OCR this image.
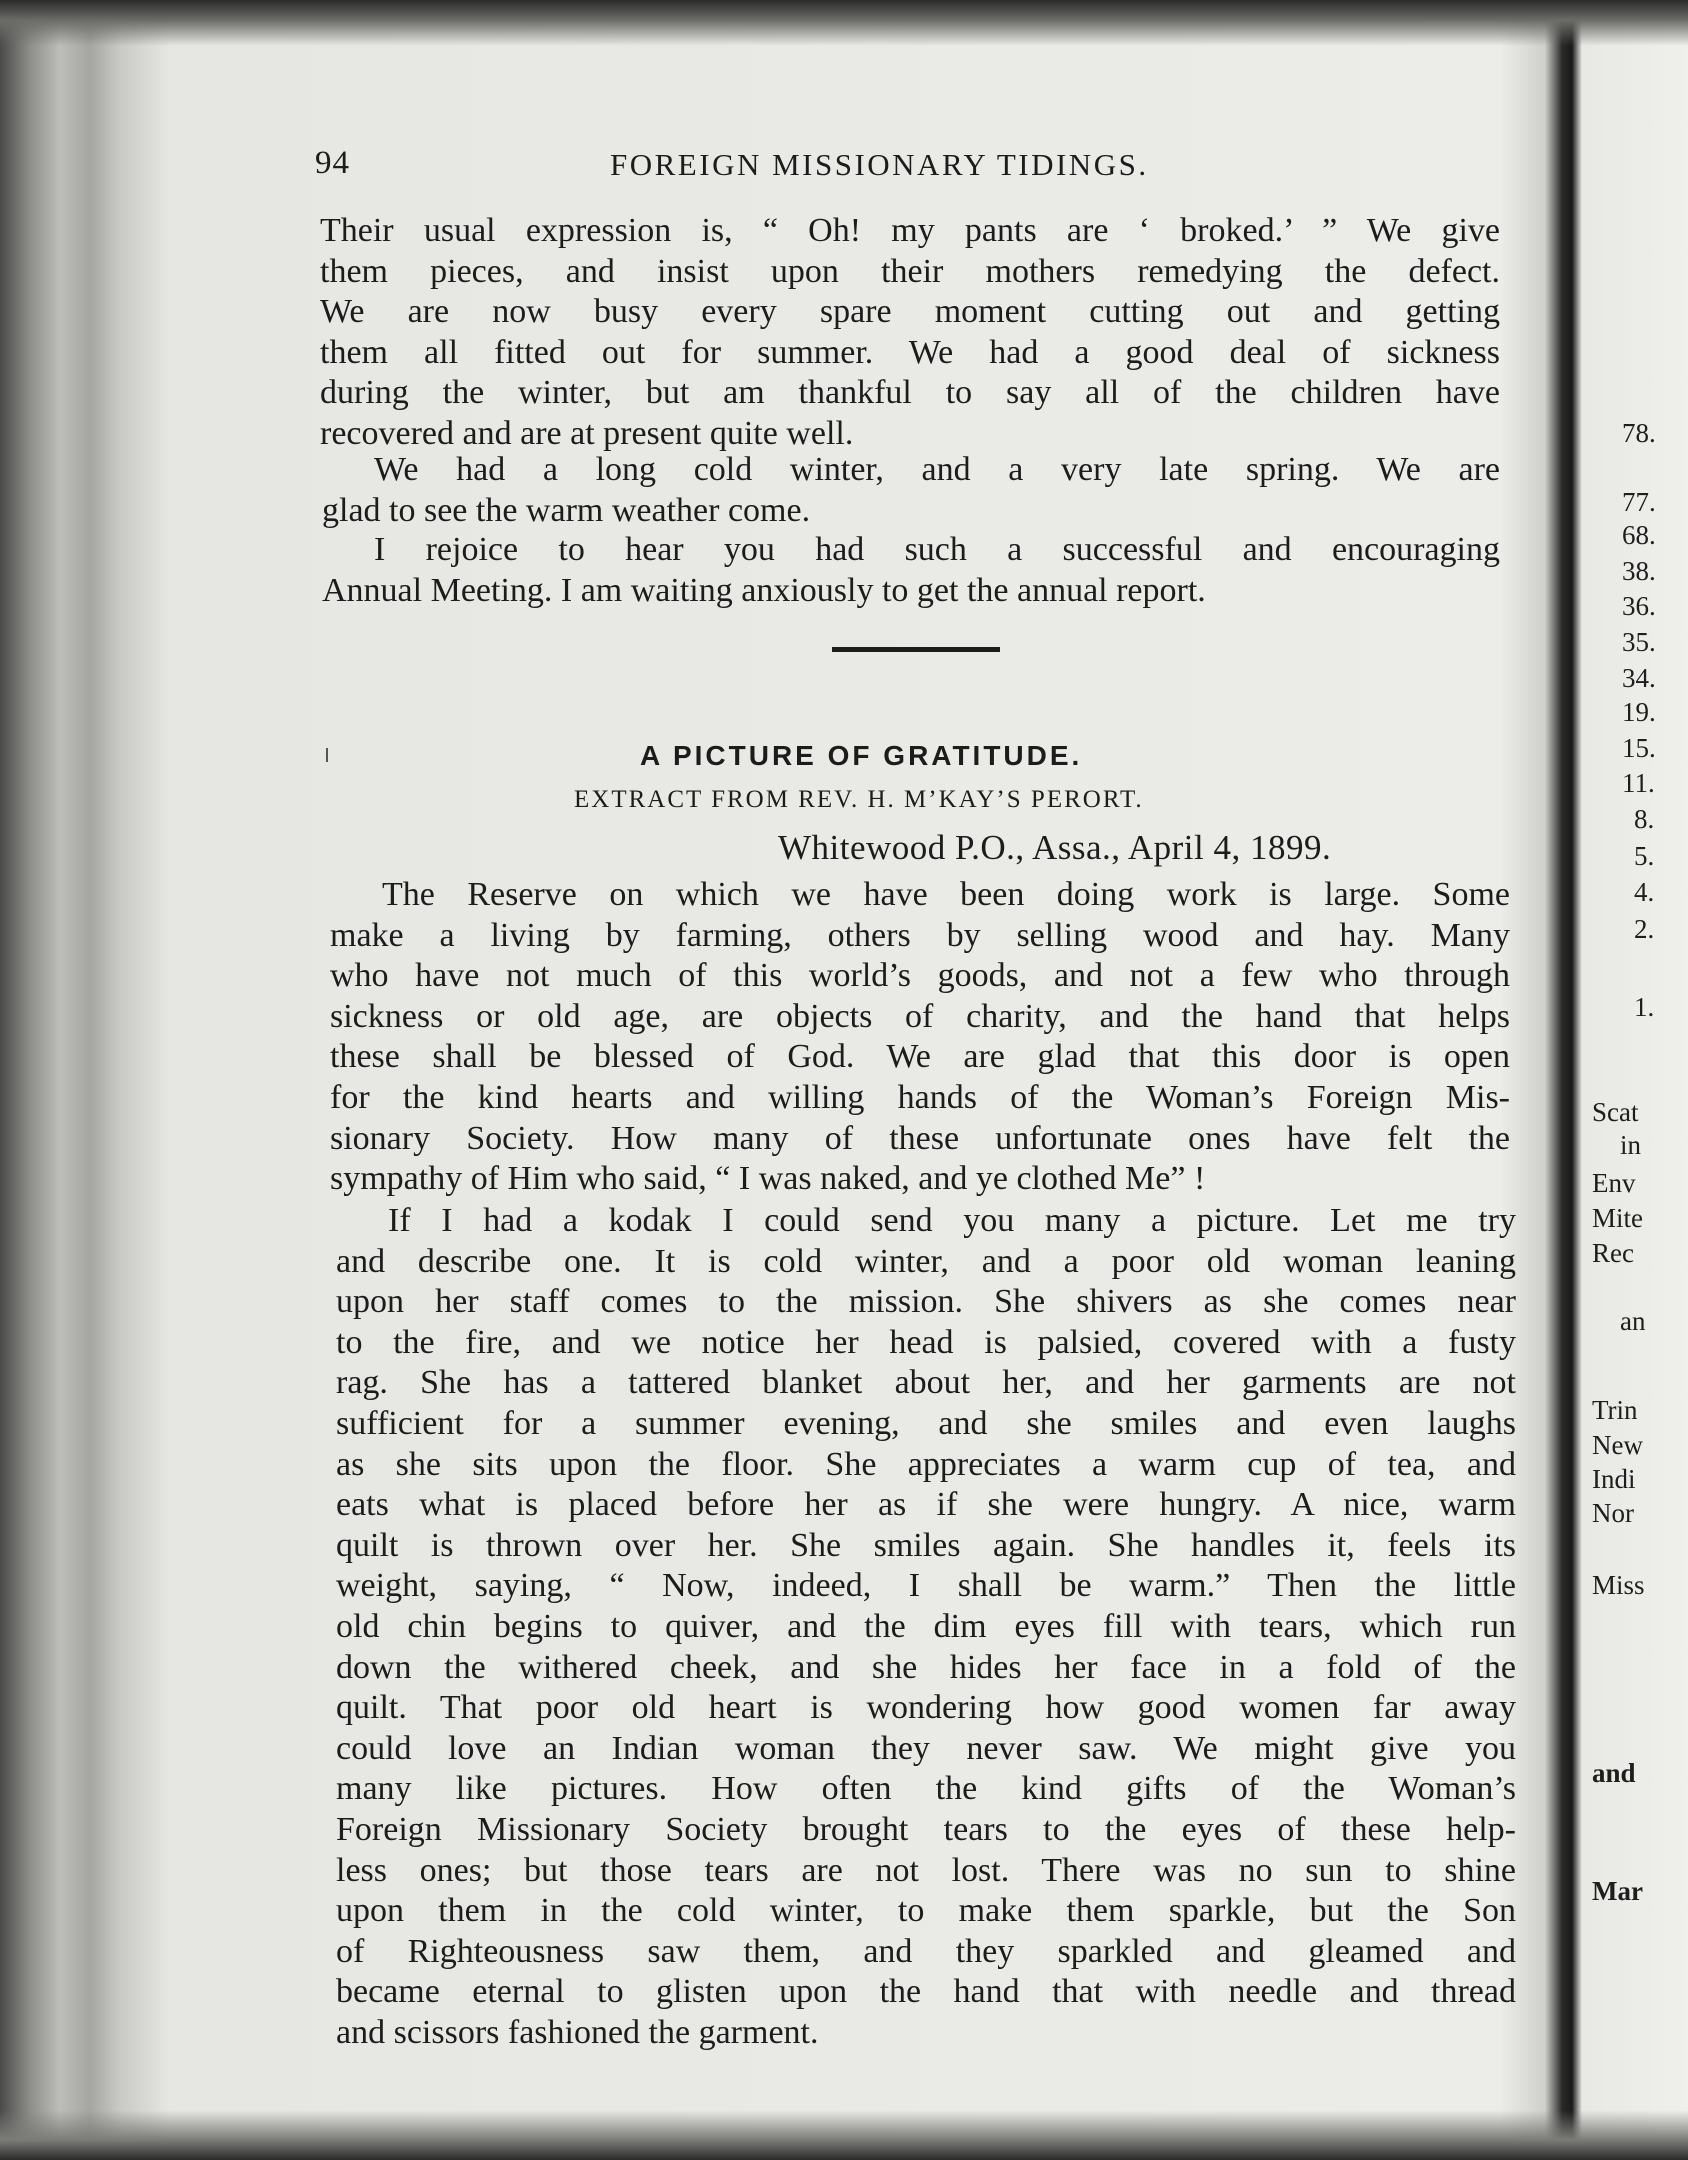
94	FOREIGN MISSIONARY TIDINGS.
Their usual expression is, “ Oh! my pants are ‘ broked.’ ” We give
them pieces, and insist upon their mothers remedying the defect.
We are now busy every spare moment cutting out and getting
them all fitted out for summer. We had a good deal of sickness
during the winter, but am thankful to say all of the children have
recovered and are at present quite well.
We had a long cold winter, and a very late spring. We are
glad to see the warm weather come.
I rejoice to hear you had such a successful and encouraging
Annual Meeting. I am waiting anxiously to get the annual report.
A PICTURE OF GRATITUDE.
EXTRACT FROM REV. H. M’KAY’S PERORT.
Whitewood P.O., Assa., April 4, 1899.
The Reserve on which we have been doing work is large. Some
make a living by farming, others by selling wood and hay. Many
who have not much of this world’s goods, and not a few who through
sickness or old age, are objects of charity, and the hand that helps
these shall be blessed of God. We are glad that this door is open
for the kind hearts and willing hands of the Woman’s Foreign Mis-
sionary Society. How many of these unfortunate ones have felt the
sympathy of Him who said, “ I was naked, and ye clothed Me” !
If I had a kodak I could send you many a picture. Let me try
and describe one. It is cold winter, and a poor old woman leaning
upon her staff comes to the mission. She shivers as she comes near
to the fire, and we notice her head is palsied, covered with a fusty
rag. She has a tattered blanket about her, and her garments are not
sufficient for a summer evening, and she smiles and even laughs
as she sits upon the floor. She appreciates a warm cup of tea, and
eats what is placed before her as if she were hungry. A nice, warm
quilt is thrown over her. She smiles again. She handles it, feels its
weight, saying, “ Now, indeed, I shall be warm.” Then the little
old chin begins to quiver, and the dim eyes fill with tears, which run
down the withered cheek, and she hides her face in a fold of the
quilt. That poor old heart is wondering how good women far away
could love an Indian woman they never saw. We might give you
many like pictures. How often the kind gifts of the Woman’s
Foreign Missionary Society brought tears to the eyes of these help-
less ones; but those tears are not lost. There was no sun to shine
upon them in the cold winter, to make them sparkle, but the Son
of Righteousness saw them, and they sparkled and gleamed and
became eternal to glisten upon the hand that with needle and thread
and scissors fashioned the garment.
78.
77.
68.
38.
36.
35.
34.
19.
15.
11.
8.
5.
4.
2.
1.
Scat
in
Env
Mite
Rec
an
Trin
New
Indi
Nor
Miss
and
Mar
